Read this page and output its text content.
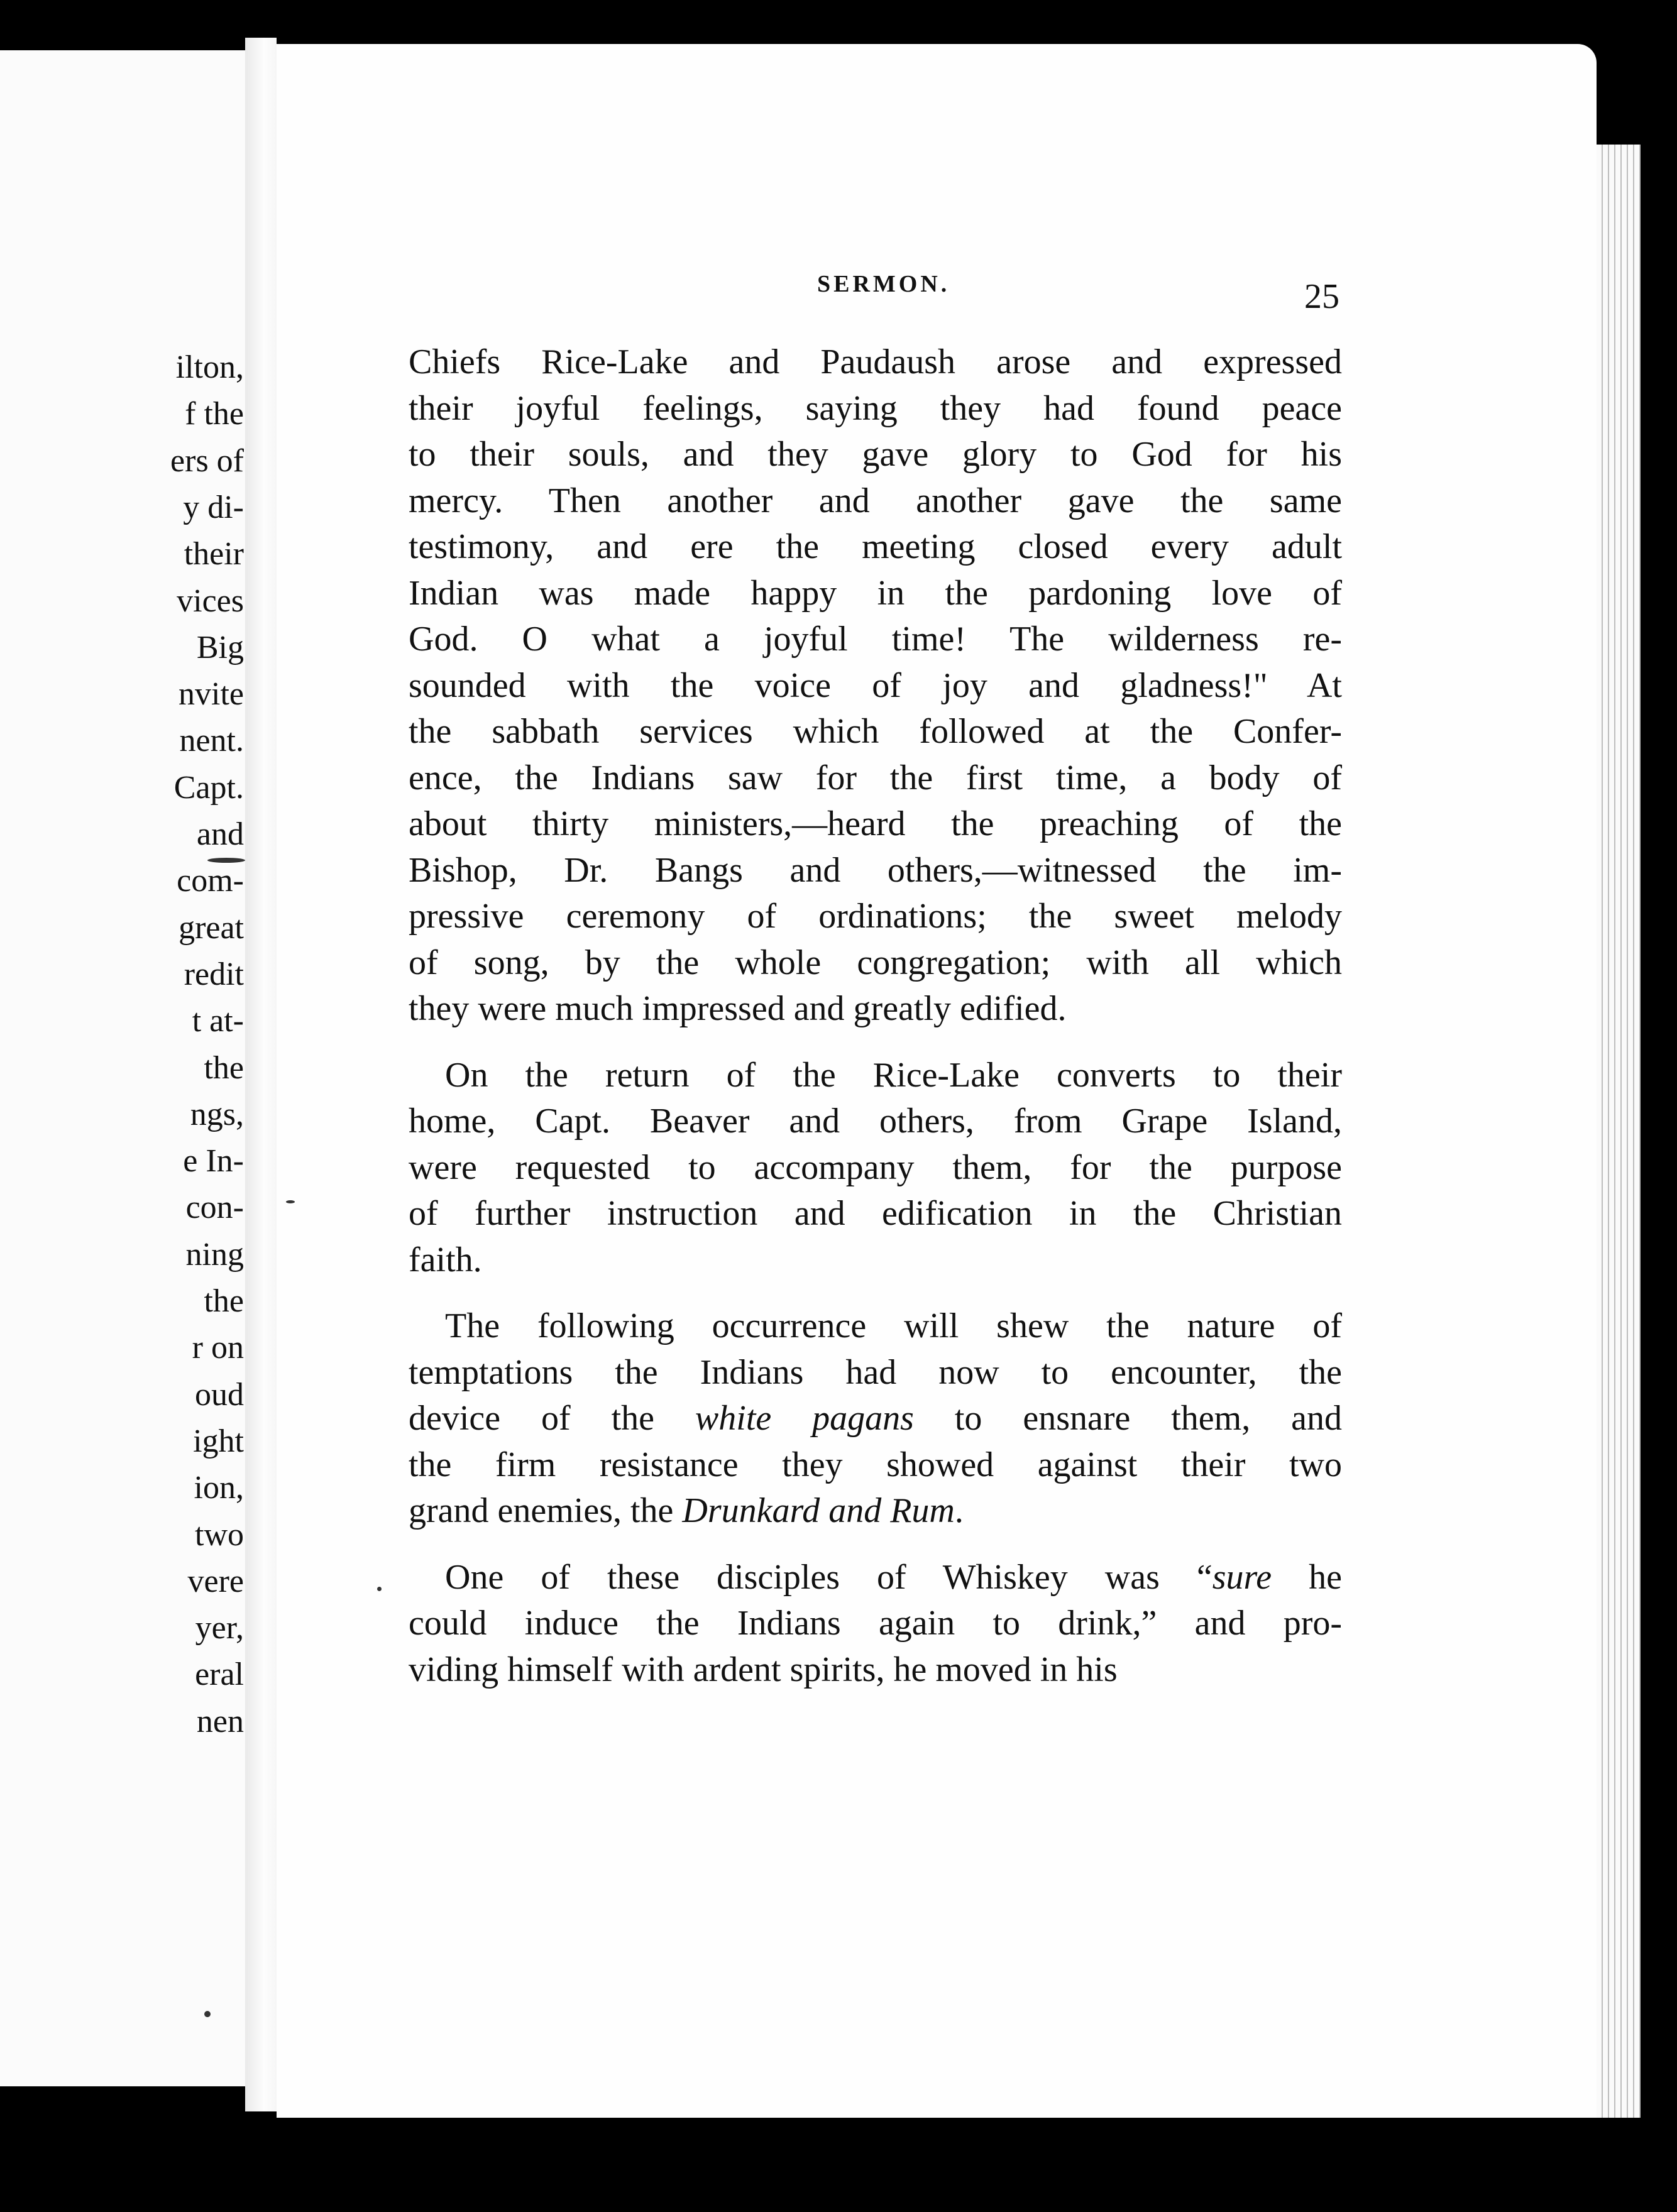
ilton,
f the
ers of
y di-
their
vices
Big
nvite
nent.
Capt.
and
com-
great
redit
t at-
the
ngs,
e In-
con-
ning
the
r on
oud
ight
ion,
two
vere
yer,
eral
nen
SERMON.	25
Chiefs Rice-Lake and Paudaush arose and expressed
their joyful feelings, saying they had found peace
to their souls, and they gave glory to God for his
mercy. Then another and another gave the same
testimony, and ere the meeting closed every adult
Indian was made happy in the pardoning love of
God. O what a joyful time! The wilderness re-
sounded with the voice of joy and gladness!" At
the sabbath services which followed at the Confer-
ence, the Indians saw for the first time, a body of
about thirty ministers,—heard the preaching of the
Bishop, Dr. Bangs and others,—witnessed the im-
pressive ceremony of ordinations; the sweet melody
of song, by the whole congregation; with all which
they were much impressed and greatly edified.
On the return of the Rice-Lake converts to their
home, Capt. Beaver and others, from Grape Island,
were requested to accompany them, for the purpose
of further instruction and edification in the Christian
faith.
The following occurrence will shew the nature of
temptations the Indians had now to encounter, the
device of the white pagans to ensnare them, and
the firm resistance they showed against their two
grand enemies, the Drunkard and Rum.
One of these disciples of Whiskey was “sure he
could induce the Indians again to drink,” and pro-
viding himself with ardent spirits, he moved in his
